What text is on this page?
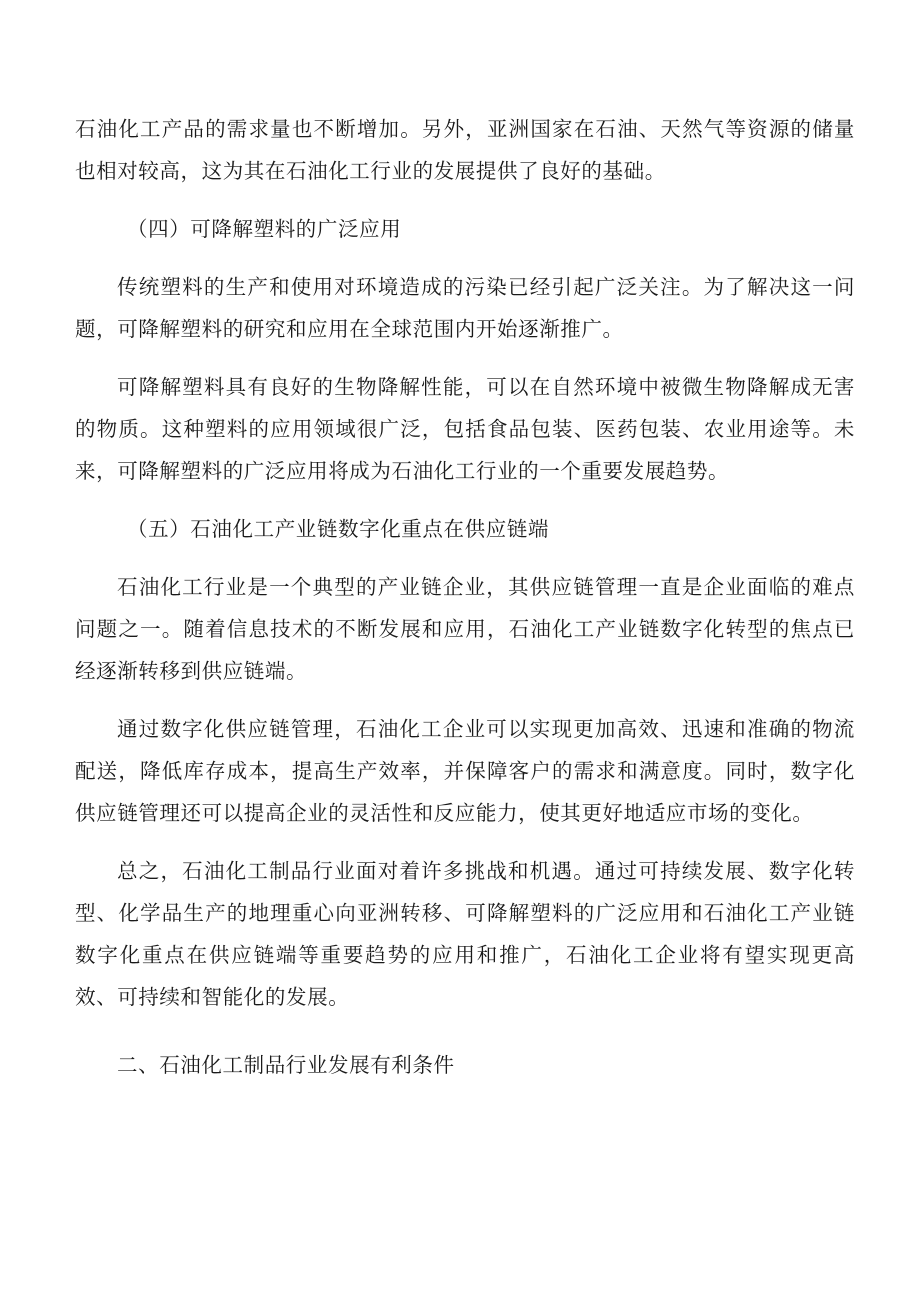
石油化工产品的需求量也不断增加。另外，亚洲国家在石油、天然气等资源的储量也相对较高，这为其在石油化工行业的发展提供了良好的基础。

（四）可降解塑料的广泛应用

传统塑料的生产和使用对环境造成的污染已经引起广泛关注。为了解决这一问题，可降解塑料的研究和应用在全球范围内开始逐渐推广。

可降解塑料具有良好的生物降解性能，可以在自然环境中被微生物降解成无害的物质。这种塑料的应用领域很广泛，包括食品包装、医药包装、农业用途等。未来，可降解塑料的广泛应用将成为石油化工行业的一个重要发展趋势。

（五）石油化工产业链数字化重点在供应链端

石油化工行业是一个典型的产业链企业，其供应链管理一直是企业面临的难点问题之一。随着信息技术的不断发展和应用，石油化工产业链数字化转型的焦点已经逐渐转移到供应链端。

通过数字化供应链管理，石油化工企业可以实现更加高效、迅速和准确的物流配送，降低库存成本，提高生产效率，并保障客户的需求和满意度。同时，数字化供应链管理还可以提高企业的灵活性和反应能力，使其更好地适应市场的变化。

总之，石油化工制品行业面对着许多挑战和机遇。通过可持续发展、数字化转型、化学品生产的地理重心向亚洲转移、可降解塑料的广泛应用和石油化工产业链数字化重点在供应链端等重要趋势的应用和推广，石油化工企业将有望实现更高效、可持续和智能化的发展。

二、石油化工制品行业发展有利条件
